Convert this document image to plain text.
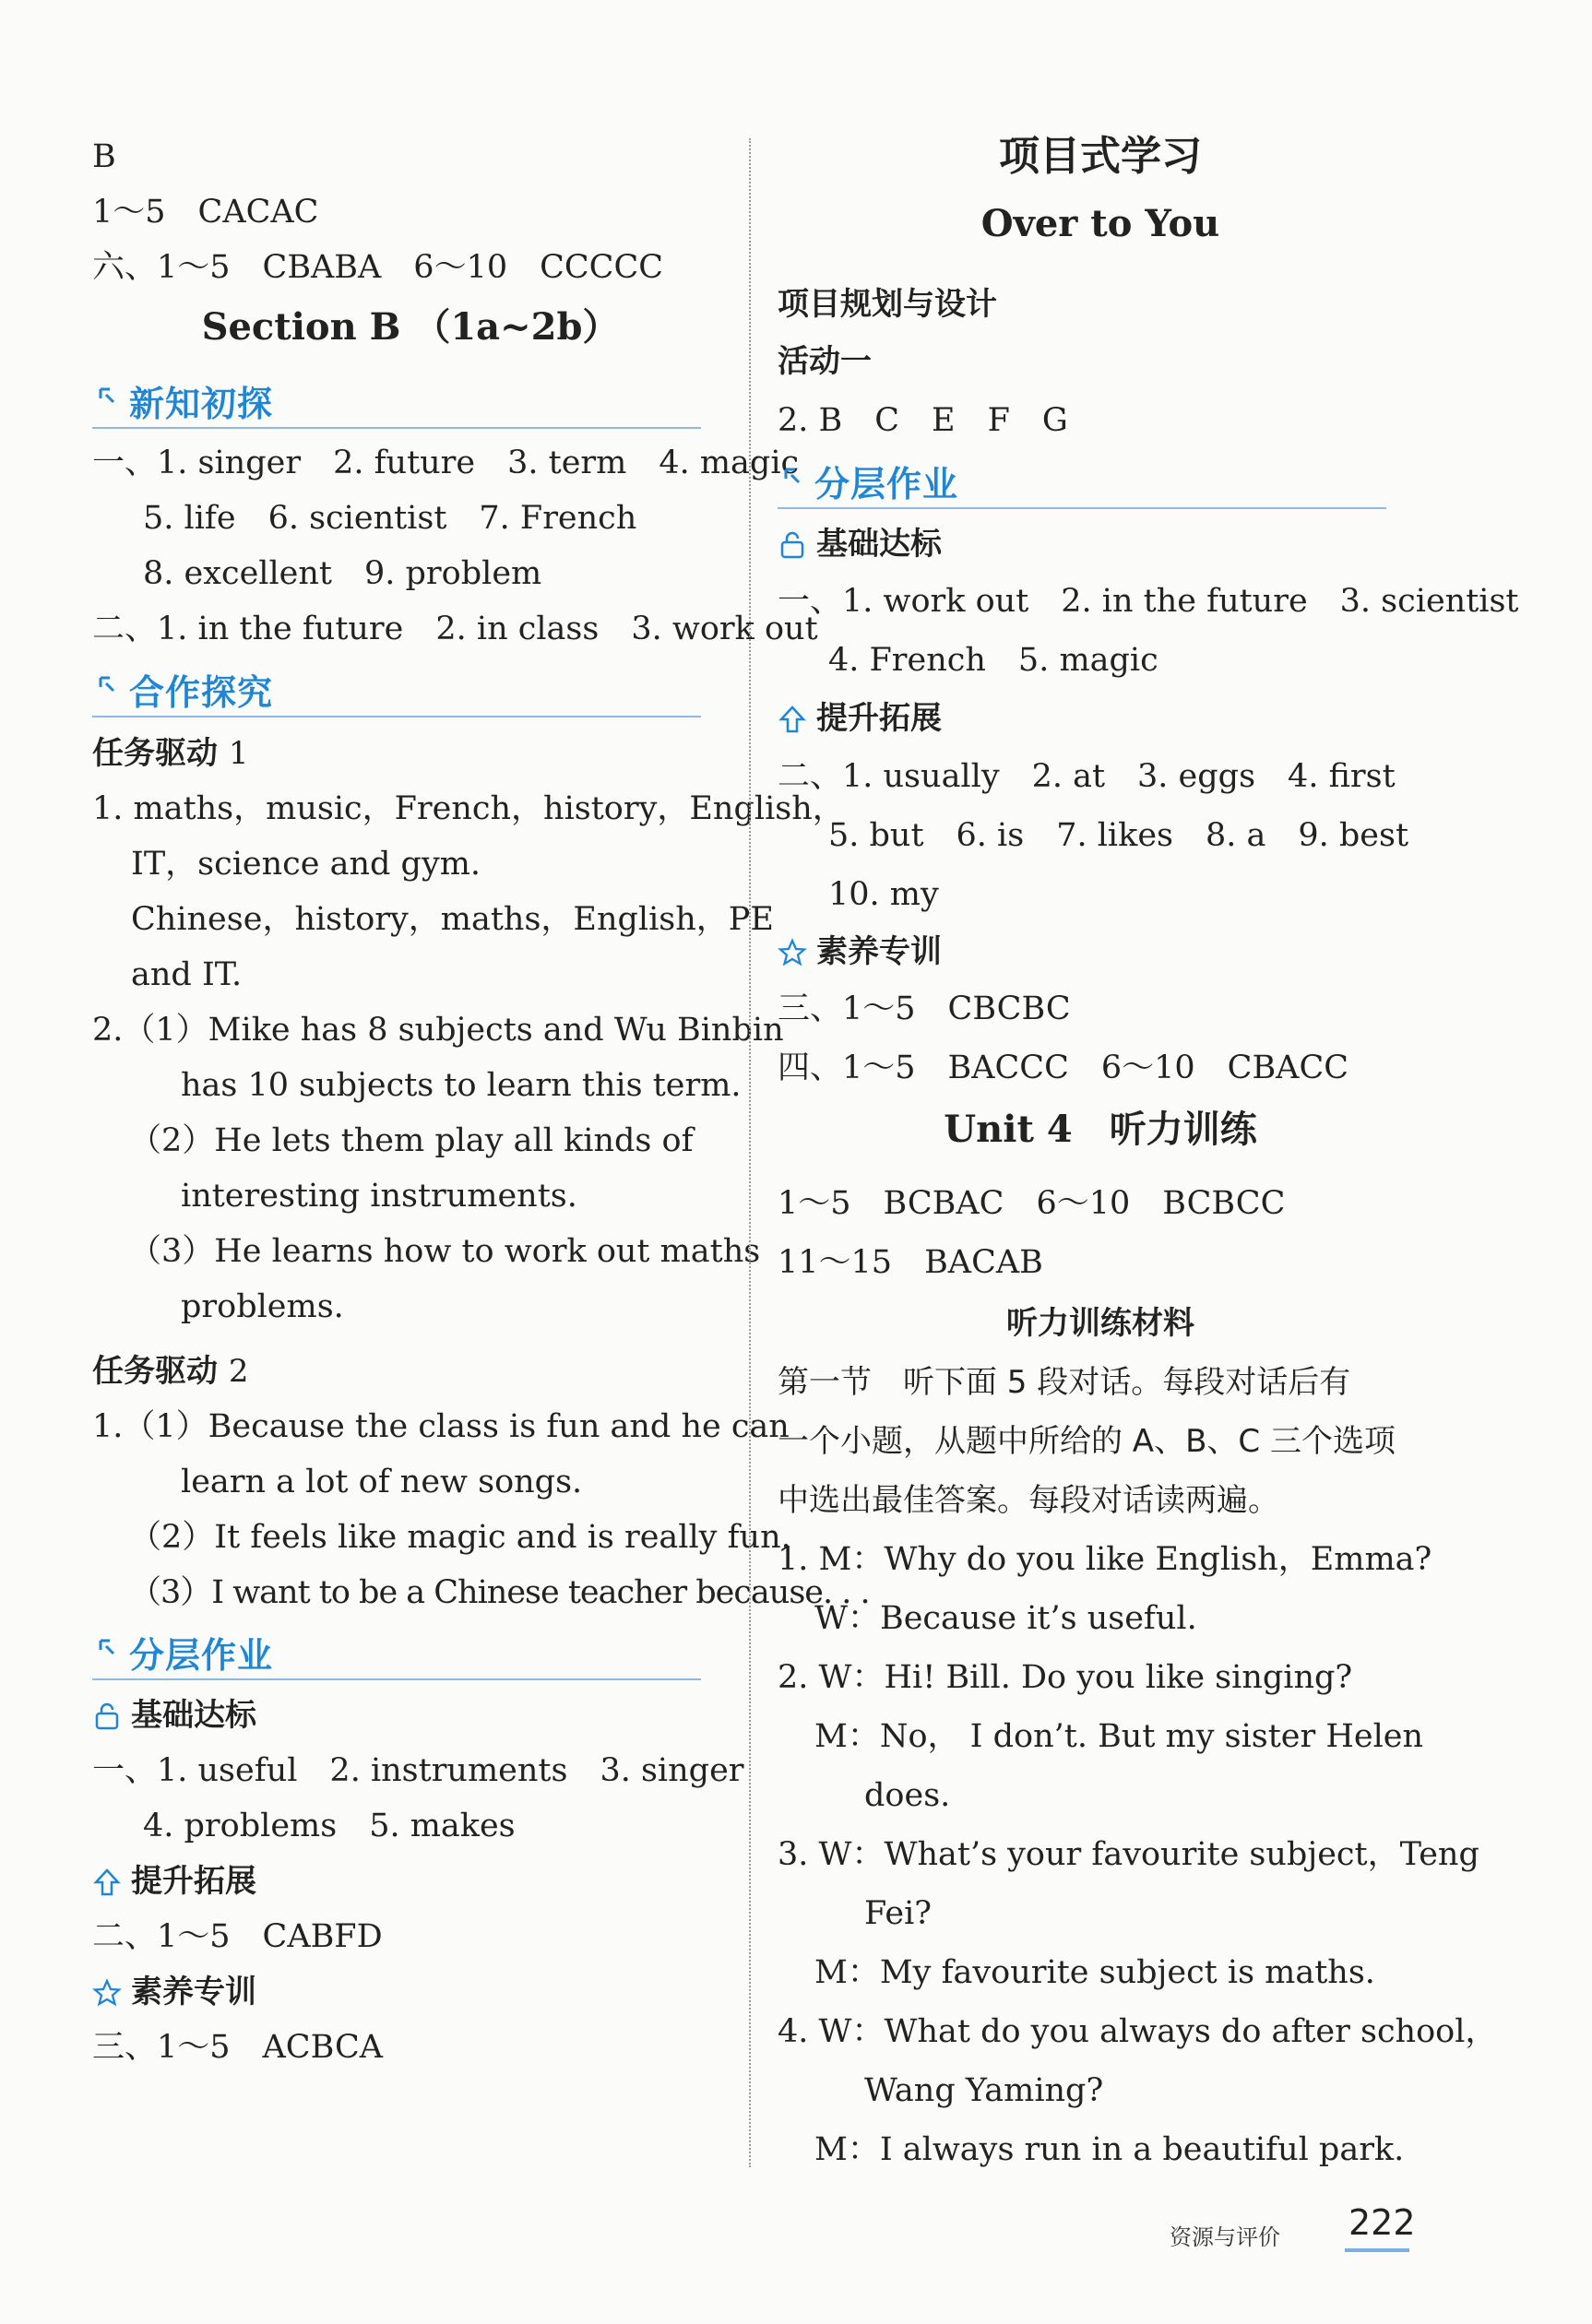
B
1～5　CACAC
六、1～5　CBABA　6～10　CCCCC
Section B （1a~2b）
新知初探
一、1. singer　2. future　3. term　4. magic
5. life　6. scientist　7. French
8. excellent　9. problem
二、1. in the future　2. in class　3. work out
合作探究
任务驱动 1
1. maths，music，French，history，English，
IT，science and gym.
Chinese，history，maths，English，PE
and IT.
2.（1）Mike has 8 subjects and Wu Binbin
has 10 subjects to learn this term.
（2）He lets them play all kinds of
interesting instruments.
（3）He learns how to work out maths
problems.
任务驱动 2
1.（1）Because the class is fun and he can
learn a lot of new songs.
（2）It feels like magic and is really fun.
（3）I want to be a Chinese teacher because. . .
分层作业
基础达标
一、1. useful　2. instruments　3. singer
4. problems　5. makes
提升拓展
二、1～5　CABFD
素养专训
三、1～5　ACBCA
项目式学习
Over to You
项目规划与设计
活动一
2. B　C　E　F　G
分层作业
基础达标
一、1. work out　2. in the future　3. scientist
4. French　5. magic
提升拓展
二、1. usually　2. at　3. eggs　4. first
5. but　6. is　7. likes　8. a　9. best
10. my
素养专训
三、1～5　CBCBC
四、1～5　BACCC　6～10　CBACC
Unit 4　听力训练
1～5　BCBAC　6～10　BCBCC
11～15　BACAB
听力训练材料
第一节　听下面 5 段对话。每段对话后有
一个小题，从题中所给的 A、B、C 三个选项
中选出最佳答案。每段对话读两遍。
1. M：Why do you like English，Emma?
W：Because it’s useful.
2. W：Hi! Bill. Do you like singing?
M：No， I don’t. But my sister Helen
does.
3. W：What’s your favourite subject，Teng
Fei?
M：My favourite subject is maths.
4. W：What do you always do after school，
Wang Yaming?
M：I always run in a beautiful park.
资源与评价 222
